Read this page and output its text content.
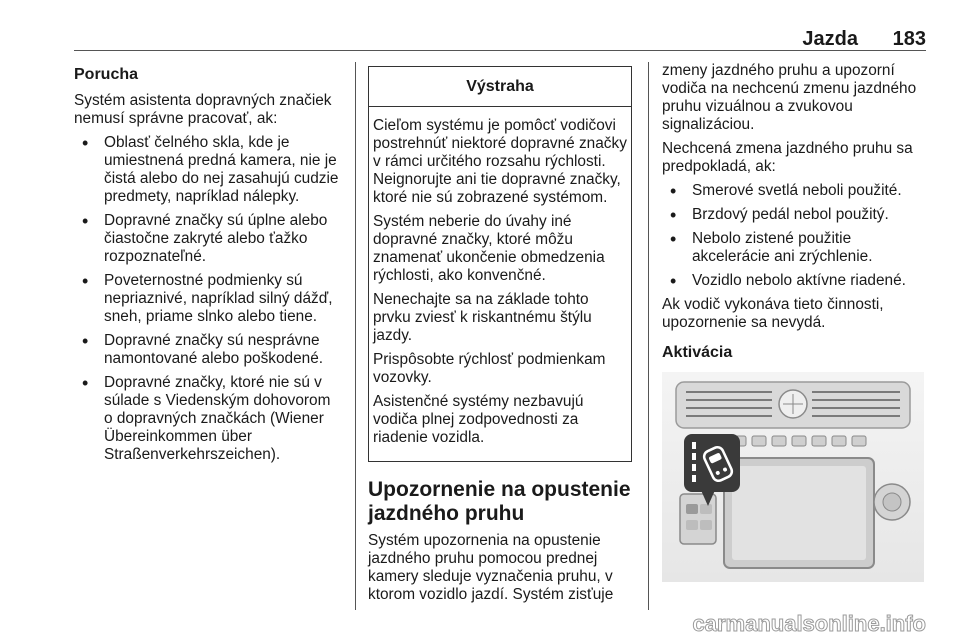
Jazda 183
Porucha

Systém asistenta dopravných značiek nemusí správne pracovať, ak:

• Oblasť čelného skla, kde je umiestnená predná kamera, nie je čistá alebo do nej zasahujú cudzie predmety, napríklad nálepky.
• Dopravné značky sú úplne alebo čiastočne zakryté alebo ťažko rozpoznateľné.
• Poveternostné podmienky sú nepriaznivé, napríklad silný dážď, sneh, priame slnko alebo tiene.
• Dopravné značky sú nesprávne namontované alebo poškodené.
• Dopravné značky, ktoré nie sú v súlade s Viedenským dohovorom o dopravných značkách (Wiener Übereinkommen über Straßenverkehrszeichen).
Výstraha

Cieľom systému je pomôcť vodičovi postrehnúť niektoré dopravné značky v rámci určitého rozsahu rýchlosti. Neignorujte ani tie dopravné značky, ktoré nie sú zobrazené systémom.

Systém neberie do úvahy iné dopravné značky, ktoré môžu znamenať ukončenie obmedzenia rýchlosti, ako konvenčné.

Nenechajte sa na základe tohto prvku zviesť k riskantnému štýlu jazdy.

Prispôsobte rýchlosť podmienkam vozovky.

Asistenčné systémy nezbavujú vodiča plnej zodpovednosti za riadenie vozidla.

Upozornenie na opustenie jazdného pruhu

Systém upozornenia na opustenie jazdného pruhu pomocou prednej kamery sleduje vyznačenia pruhu, v ktorom vozidlo jazdí. Systém zisťuje

zmeny jazdného pruhu a upozorní vodiča na nechcenú zmenu jazdného pruhu vizuálnou a zvukovou signalizáciou.

Nechcená zmena jazdného pruhu sa predpokladá, ak:

• Smerové svetlá neboli použité.
• Brzdový pedál nebol použitý.
• Nebolo zistené použitie akcelerácie ani zrýchlenie.
• Vozidlo nebolo aktívne riadené.

Ak vodič vykonáva tieto činnosti, upozornenie sa nevydá.

Aktivácia
carmanualsonline.info
